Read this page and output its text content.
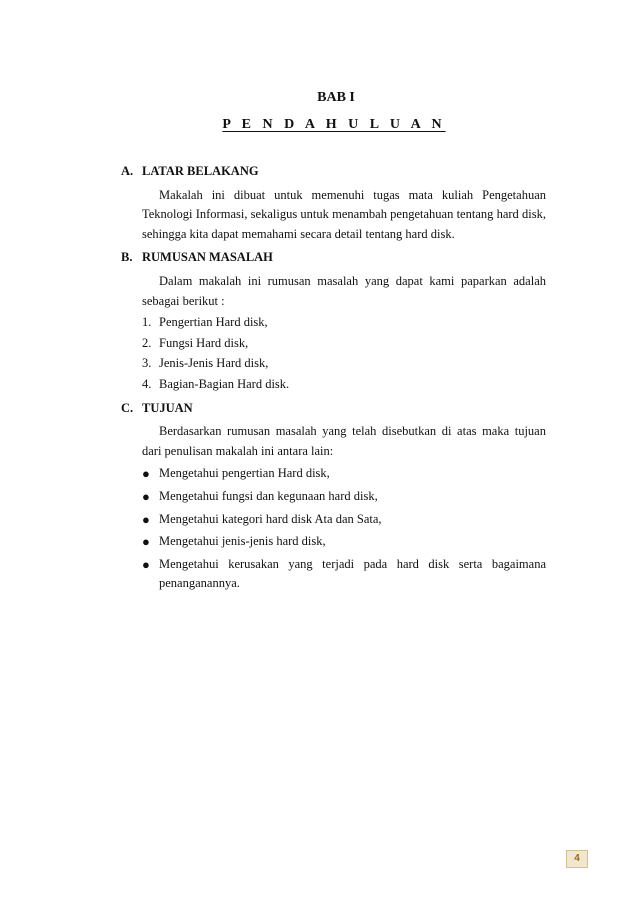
BAB I
P E N D A H U L U A N
A. LATAR BELAKANG

Makalah ini dibuat untuk memenuhi tugas mata kuliah Pengetahuan Teknologi Informasi, sekaligus untuk menambah pengetahuan tentang hard disk, sehingga kita dapat memahami secara detail tentang hard disk.

B. RUMUSAN MASALAH

Dalam makalah ini rumusan masalah yang dapat kami paparkan adalah sebagai berikut :

1. Pengertian Hard disk,
2. Fungsi Hard disk,
3. Jenis-Jenis Hard disk,
4. Bagian-Bagian Hard disk.
C. TUJUAN

Berdasarkan rumusan masalah yang telah disebutkan di atas maka tujuan dari penulisan makalah ini antara lain:

● Mengetahui pengertian Hard disk,
● Mengetahui fungsi dan kegunaan hard disk,
● Mengetahui kategori hard disk Ata dan Sata,
● Mengetahui jenis-jenis hard disk,
● Mengetahui kerusakan yang terjadi pada hard disk serta bagaimana penanganannya.
4
